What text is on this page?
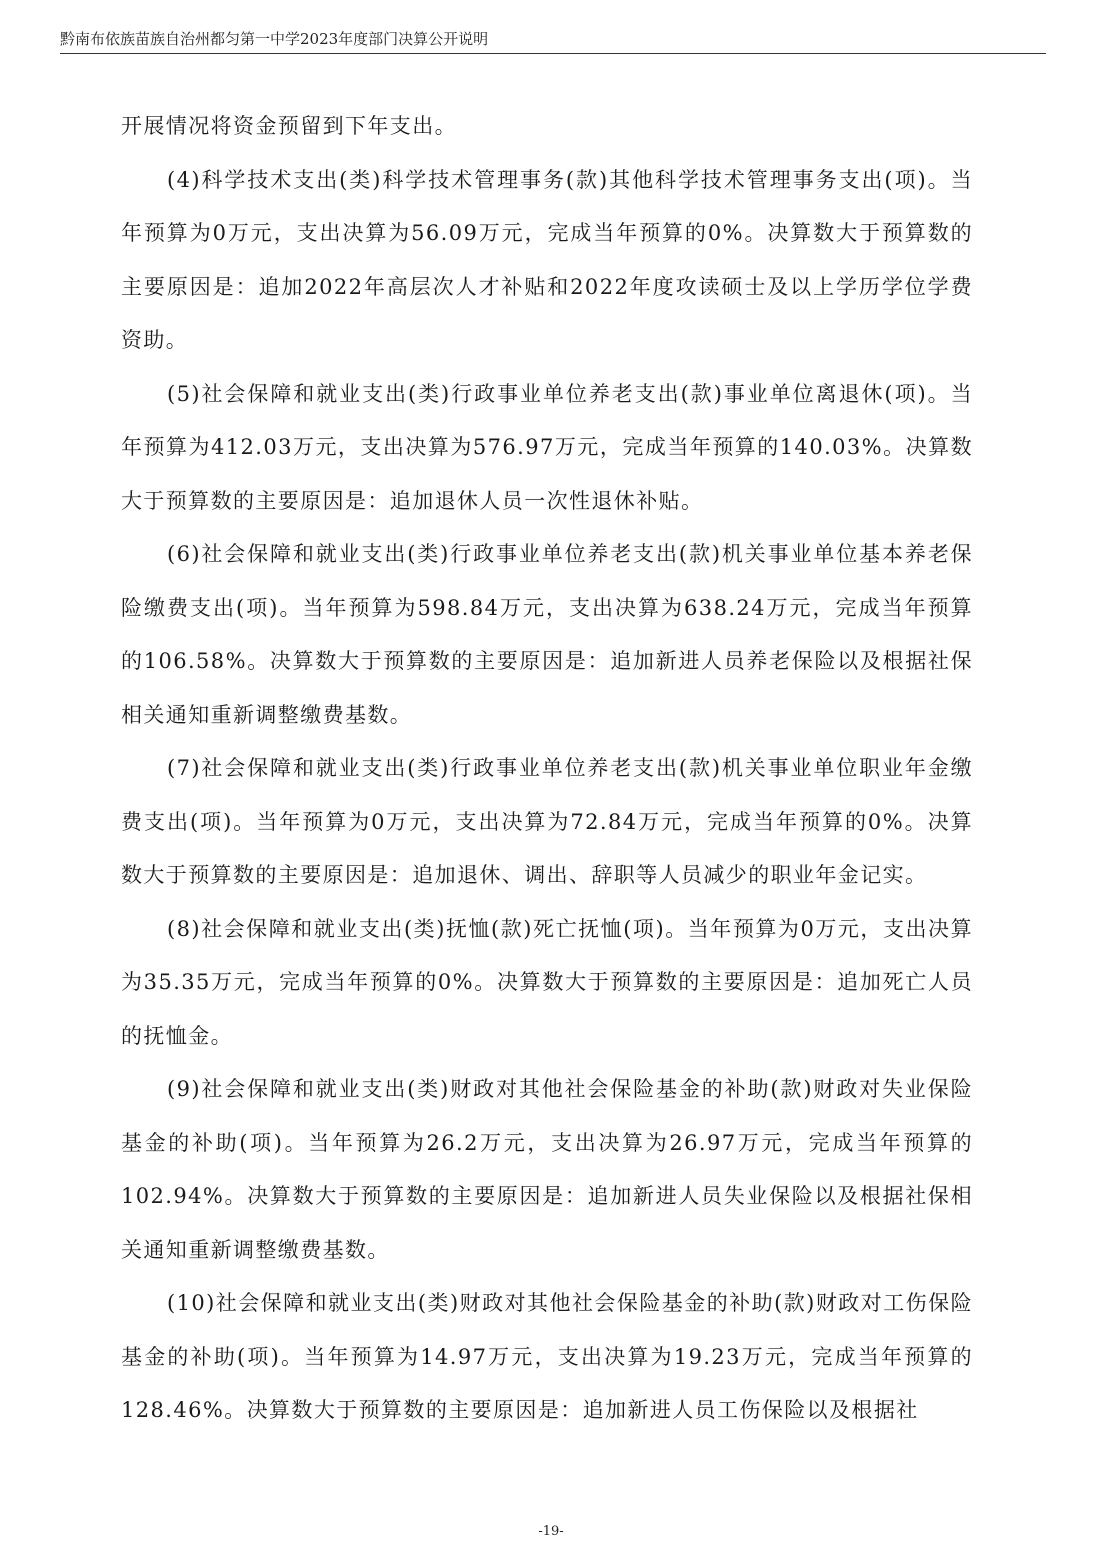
黔南布依族苗族自治州都匀第一中学2023年度部门决算公开说明

开展情况将资金预留到下年支出。

(4)科学技术支出(类)科学技术管理事务(款)其他科学技术管理事务支出(项)。当年预算为0万元，支出决算为56.09万元，完成当年预算的0%。决算数大于预算数的主要原因是：追加2022年高层次人才补贴和2022年度攻读硕士及以上学历学位学费资助。

(5)社会保障和就业支出(类)行政事业单位养老支出(款)事业单位离退休(项)。当年预算为412.03万元，支出决算为576.97万元，完成当年预算的140.03%。决算数大于预算数的主要原因是：追加退休人员一次性退休补贴。

(6)社会保障和就业支出(类)行政事业单位养老支出(款)机关事业单位基本养老保险缴费支出(项)。当年预算为598.84万元，支出决算为638.24万元，完成当年预算的106.58%。决算数大于预算数的主要原因是：追加新进人员养老保险以及根据社保相关通知重新调整缴费基数。

(7)社会保障和就业支出(类)行政事业单位养老支出(款)机关事业单位职业年金缴费支出(项)。当年预算为0万元，支出决算为72.84万元，完成当年预算的0%。决算数大于预算数的主要原因是：追加退休、调出、辞职等人员减少的职业年金记实。

(8)社会保障和就业支出(类)抚恤(款)死亡抚恤(项)。当年预算为0万元，支出决算为35.35万元，完成当年预算的0%。决算数大于预算数的主要原因是：追加死亡人员的抚恤金。

(9)社会保障和就业支出(类)财政对其他社会保险基金的补助(款)财政对失业保险基金的补助(项)。当年预算为26.2万元，支出决算为26.97万元，完成当年预算的102.94%。决算数大于预算数的主要原因是：追加新进人员失业保险以及根据社保相关通知重新调整缴费基数。

(10)社会保障和就业支出(类)财政对其他社会保险基金的补助(款)财政对工伤保险基金的补助(项)。当年预算为14.97万元，支出决算为19.23万元，完成当年预算的128.46%。决算数大于预算数的主要原因是：追加新进人员工伤保险以及根据社

-19-
